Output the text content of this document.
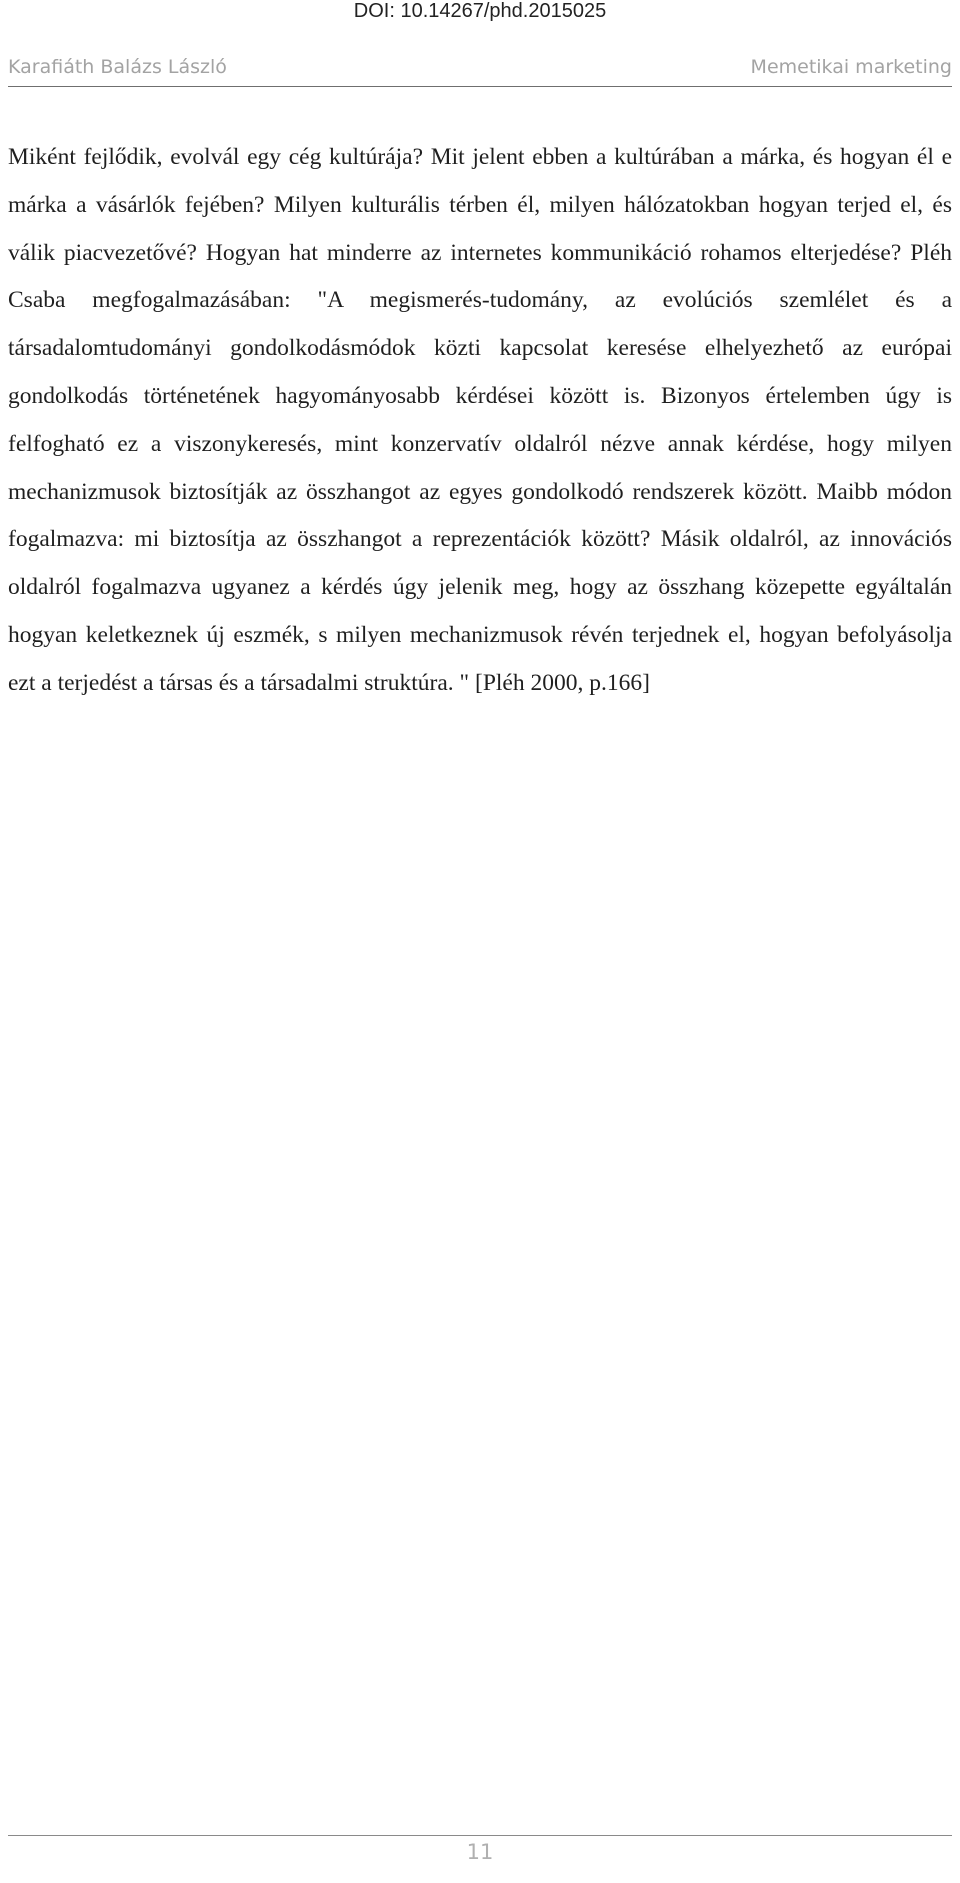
DOI: 10.14267/phd.2015025
Karafiáth Balázs László	Memetikai marketing

Miként fejlődik, evolvál egy cég kultúrája? Mit jelent ebben a kultúrában a márka, és hogyan él e márka a vásárlók fejében? Milyen kulturális térben él, milyen hálózatokban hogyan terjed el, és válik piacvezetővé? Hogyan hat minderre az internetes kommunikáció rohamos elterjedése? Pléh Csaba megfogalmazásában: "A megismerés-tudomány, az evolúciós szemlélet és a társadalomtudományi gondolkodásmódok közti kapcsolat keresése elhelyezhető az európai gondolkodás történetének hagyományosabb kérdései között is. Bizonyos értelemben úgy is felfogható ez a viszonykeresés, mint konzervatív oldalról nézve annak kérdése, hogy milyen mechanizmusok biztosítják az összhangot az egyes gondolkodó rendszerek között. Maibb módon fogalmazva: mi biztosítja az összhangot a reprezentációk között? Másik oldalról, az innovációs oldalról fogalmazva ugyanez a kérdés úgy jelenik meg, hogy az összhang közepette egyáltalán hogyan keletkeznek új eszmék, s milyen mechanizmusok révén terjednek el, hogyan befolyásolja ezt a terjedést a társas és a társadalmi struktúra. " [Pléh 2000, p.166]

11
